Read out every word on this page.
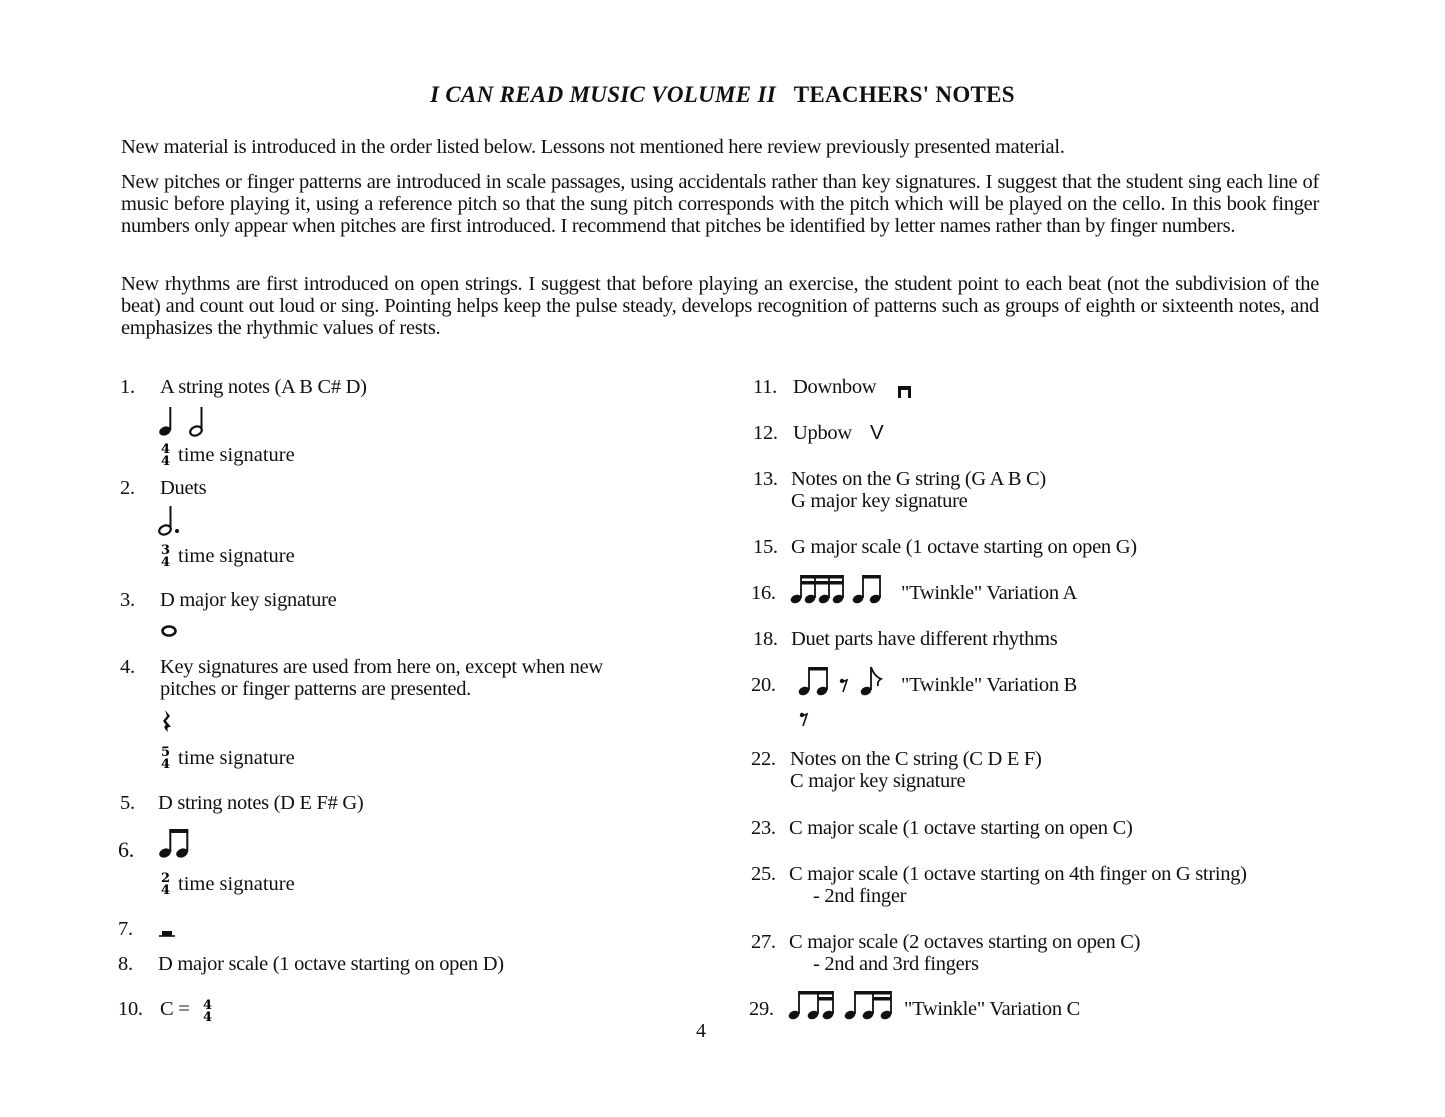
I CAN READ MUSIC VOLUME II TEACHERS' NOTES
New material is introduced in the order listed below. Lessons not mentioned here review previously presented material.
New pitches or finger patterns are introduced in scale passages, using accidentals rather than key signatures. I suggest that the student sing each line of music before playing it, using a reference pitch so that the sung pitch corresponds with the pitch which will be played on the cello. In this book finger numbers only appear when pitches are first introduced. I recommend that pitches be identified by letter names rather than by finger numbers.
New rhythms are first introduced on open strings. I suggest that before playing an exercise, the student point to each beat (not the subdivision of the beat) and count out loud or sing. Pointing helps keep the pulse steady, develops recognition of patterns such as groups of eighth or sixteenth notes, and emphasizes the rhythmic values of rests.
1. A string notes (A B C# D)
4
4 time signature
2. Duets
3
4 time signature
3. D major key signature
4. Key signatures are used from here on, except when new
pitches or finger patterns are presented.
5
4 time signature
5. D string notes (D E F# G)
6.
2
4 time signature
7.
8. D major scale (1 octave starting on open D)
10. C = 4
4
11. Downbow
12. Upbow V
13. Notes on the G string (G A B C)
G major key signature
15. G major scale (1 octave starting on open G)
16.	"Twinkle" Variation A
18. Duet parts have different rhythms
20.	"Twinkle" Variation B
22. Notes on the C string (C D E F)
C major key signature
23. C major scale (1 octave starting on open C)
25. C major scale (1 octave starting on 4th finger on G string)
- 2nd finger
27. C major scale (2 octaves starting on open C)
- 2nd and 3rd fingers
29.	"Twinkle" Variation C
4
